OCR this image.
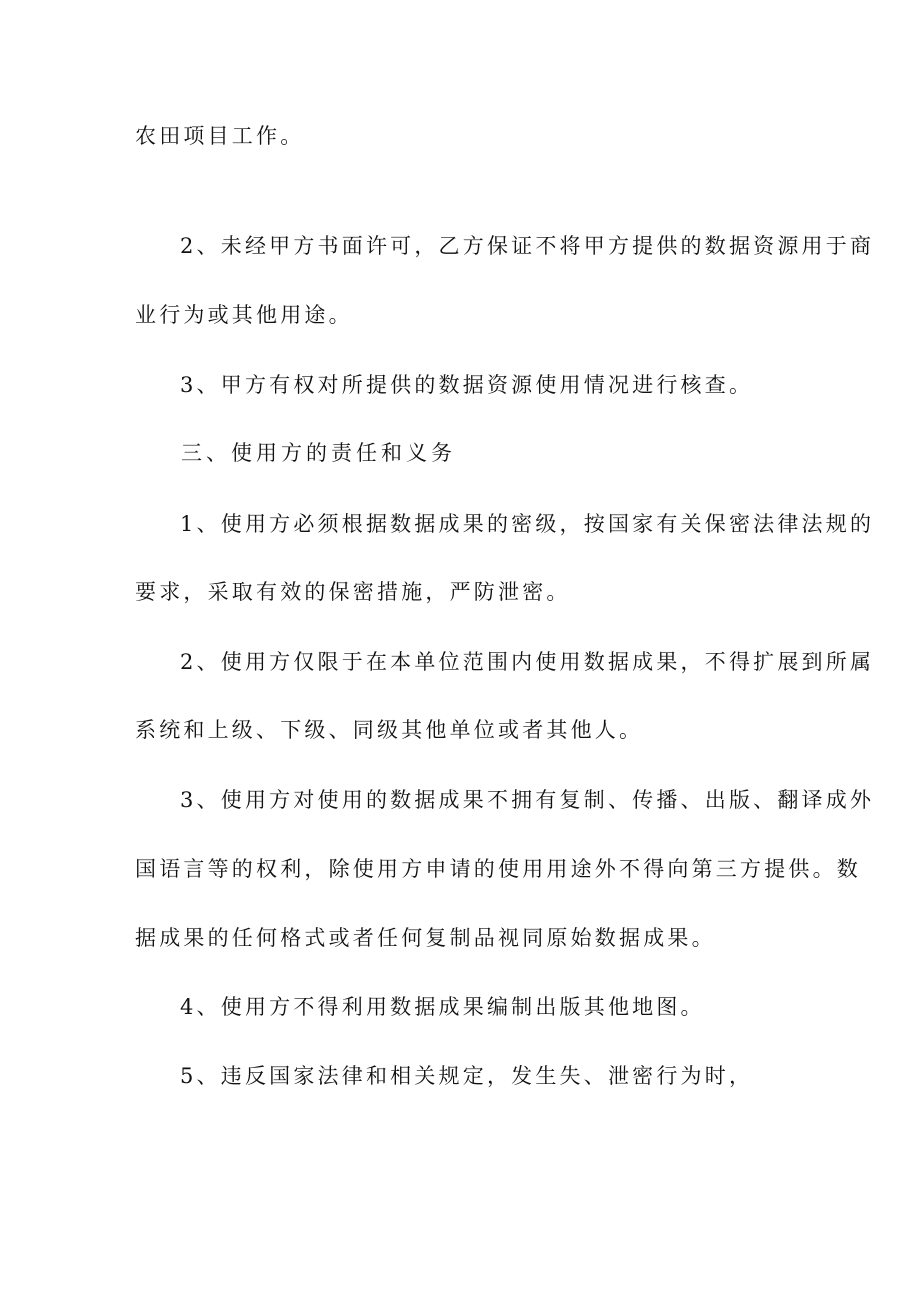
农田项目工作。

2、未经甲方书面许可，乙方保证不将甲方提供的数据资源用于商

业行为或其他用途。

3、甲方有权对所提供的数据资源使用情况进行核查。

三、使用方的责任和义务

1、使用方必须根据数据成果的密级，按国家有关保密法律法规的

要求，采取有效的保密措施，严防泄密。

2、使用方仅限于在本单位范围内使用数据成果，不得扩展到所属

系统和上级、下级、同级其他单位或者其他人。

3、使用方对使用的数据成果不拥有复制、传播、出版、翻译成外

国语言等的权利，除使用方申请的使用用途外不得向第三方提供。数

据成果的任何格式或者任何复制品视同原始数据成果。

4、使用方不得利用数据成果编制出版其他地图。

5、违反国家法律和相关规定，发生失、泄密行为时，
